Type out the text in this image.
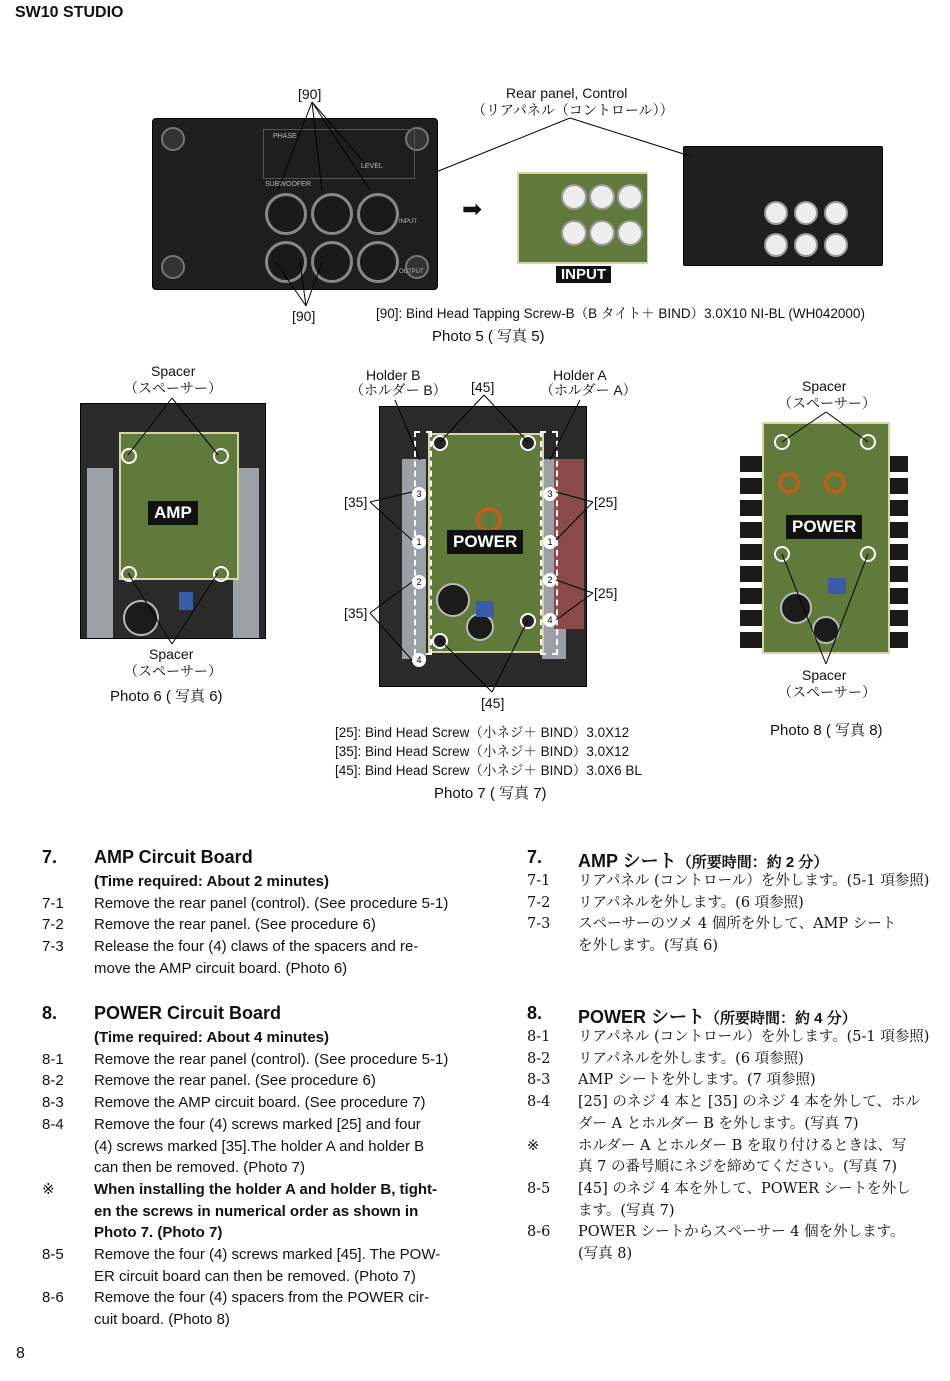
SW10 STUDIO
PHASE
LEVEL
SUBWOOFER
INPUT
OUTPUT
[90]
[90]
Rear panel, Control
（リアパネル（コントロール））
➡
INPUT
[90]: Bind Head Tapping Screw-B（B タイト＋ BIND）3.0X10 NI-BL (WH042000)
Photo 5 ( 写真 5)
Spacer
（スペーサー）
AMP
Spacer
（スペーサー）
Photo 6 ( 写真 6)
Holder B
（ホルダー B） [45]
Holder A
（ホルダー A）
3
1
2
4
3
1
2
4
POWER
[35]
[35]
[25]
[25]
[45]
[25]: Bind Head Screw（小ネジ＋ BIND）3.0X12
[35]: Bind Head Screw（小ネジ＋ BIND）3.0X12
[45]: Bind Head Screw（小ネジ＋ BIND）3.0X6 BL
Photo 7 ( 写真 7)
Spacer
（スペーサー）
POWER
Spacer
（スペーサー）
Photo 8 ( 写真 8)
7. AMP Circuit Board
(Time required: About 2 minutes)
7-1	Remove the rear panel (control). (See procedure 5-1)
7-2	Remove the rear panel. (See procedure 6)
7-3	Release the four (4) claws of the spacers and re-
move the AMP circuit board. (Photo 6)
8. POWER Circuit Board
(Time required: About 4 minutes)
8-1	Remove the rear panel (control). (See procedure 5-1)
8-2	Remove the rear panel. (See procedure 6)
8-3	Remove the AMP circuit board. (See procedure 7)
8-4	Remove the four (4) screws marked [25] and four
(4) screws marked [35].The holder A and holder B
can then be removed. (Photo 7)
※	When installing the holder A and holder B, tight-
en the screws in numerical order as shown in
Photo 7. (Photo 7)
8-5	Remove the four (4) screws marked [45]. The POW-
ER circuit board can then be removed. (Photo 7)
8-6	Remove the four (4) spacers from the POWER cir-
cuit board. (Photo 8)
7. AMP シート（所要時間：約 2 分）
7-1	リアパネル (コントロール）を外します。(5-1 項参照)
7-2	リアパネルを外します。(6 項参照)
7-3	スペーサーのツメ 4 個所を外して、AMP シート
を外します。(写真 6)
8. POWER シート（所要時間：約 4 分）
8-1	リアパネル (コントロール）を外します。(5-1 項参照)
8-2	リアパネルを外します。(6 項参照)
8-3	AMP シートを外します。(7 項参照)
8-4	[25] のネジ 4 本と [35] のネジ 4 本を外して、ホル
ダー A とホルダー B を外します。(写真 7)
※	ホルダー A とホルダー B を取り付けるときは、写
真 7 の番号順にネジを締めてください。(写真 7)
8-5	[45] のネジ 4 本を外して、POWER シートを外し
ます。(写真 7)
8-6	POWER シートからスペーサー 4 個を外します。
(写真 8)
8
